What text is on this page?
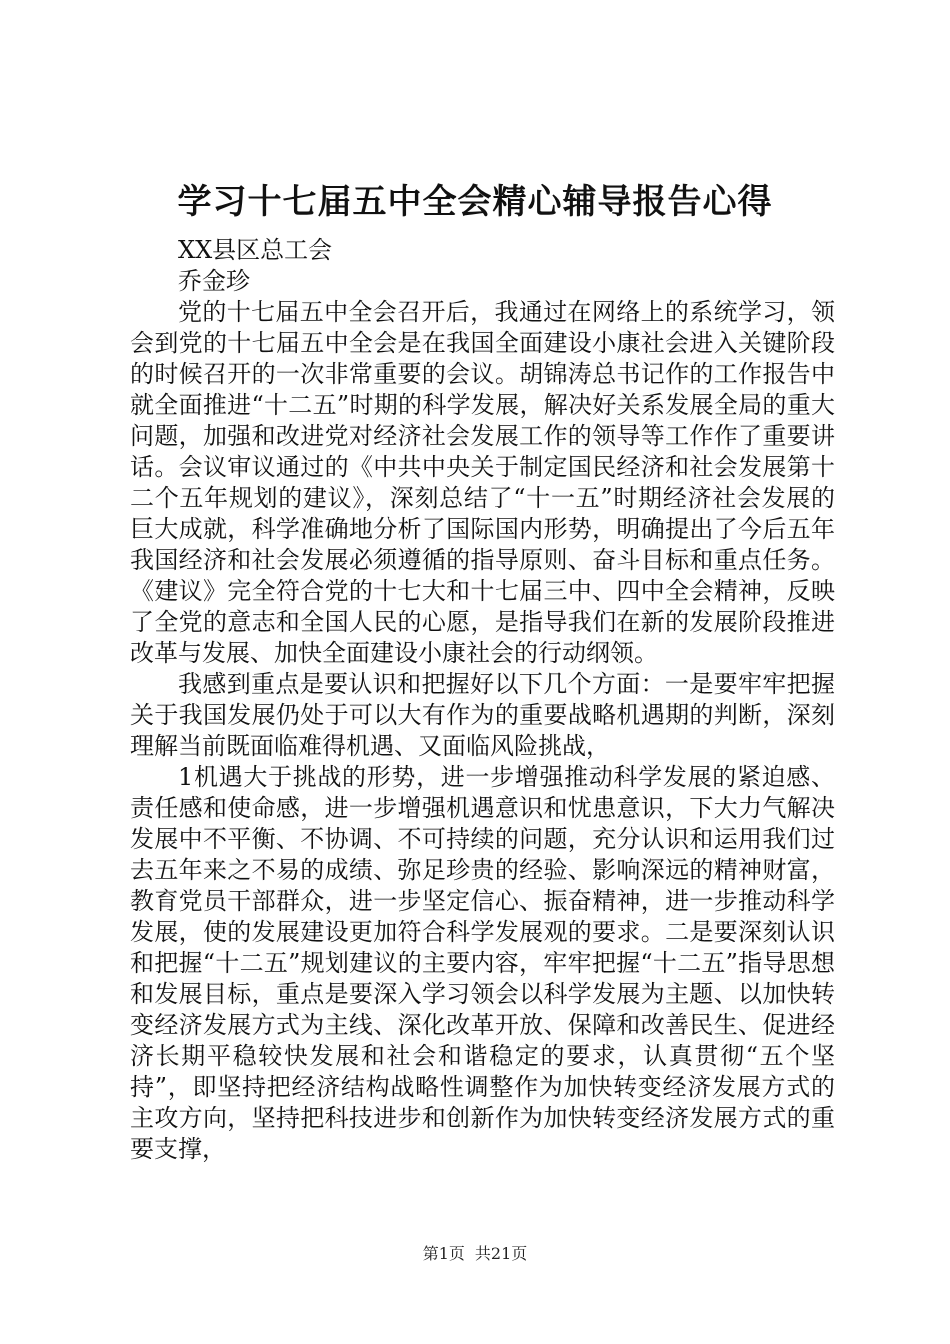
学习十七届五中全会精心辅导报告心得

XX县区总工会

乔金珍

党的十七届五中全会召开后，我通过在网络上的系统学习，领会到党的十七届五中全会是在我国全面建设小康社会进入关键阶段的时候召开的一次非常重要的会议。胡锦涛总书记作的工作报告中就全面推进“十二五”时期的科学发展，解决好关系发展全局的重大问题，加强和改进党对经济社会发展工作的领导等工作作了重要讲话。会议审议通过的《中共中央关于制定国民经济和社会发展第十二个五年规划的建议》，深刻总结了“十一五”时期经济社会发展的巨大成就，科学准确地分析了国际国内形势，明确提出了今后五年我国经济和社会发展必须遵循的指导原则、奋斗目标和重点任务。《建议》完全符合党的十七大和十七届三中、四中全会精神，反映了全党的意志和全国人民的心愿，是指导我们在新的发展阶段推进改革与发展、加快全面建设小康社会的行动纲领。

我感到重点是要认识和把握好以下几个方面：一是要牢牢把握关于我国发展仍处于可以大有作为的重要战略机遇期的判断，深刻理解当前既面临难得机遇、又面临风险挑战，

1机遇大于挑战的形势，进一步增强推动科学发展的紧迫感、责任感和使命感，进一步增强机遇意识和忧患意识，下大力气解决发展中不平衡、不协调、不可持续的问题，充分认识和运用我们过去五年来之不易的成绩、弥足珍贵的经验、影响深远的精神财富，教育党员干部群众，进一步坚定信心、振奋精神，进一步推动科学发展，使的发展建设更加符合科学发展观的要求。二是要深刻认识和把握“十二五”规划建议的主要内容，牢牢把握“十二五”指导思想和发展目标，重点是要深入学习领会以科学发展为主题、以加快转变经济发展方式为主线、深化改革开放、保障和改善民生、促进经济长期平稳较快发展和社会和谐稳定的要求，认真贯彻“五个坚持”，即坚持把经济结构战略性调整作为加快转变经济发展方式的主攻方向，坚持把科技进步和创新作为加快转变经济发展方式的重要支撑，

第1页 共21页
